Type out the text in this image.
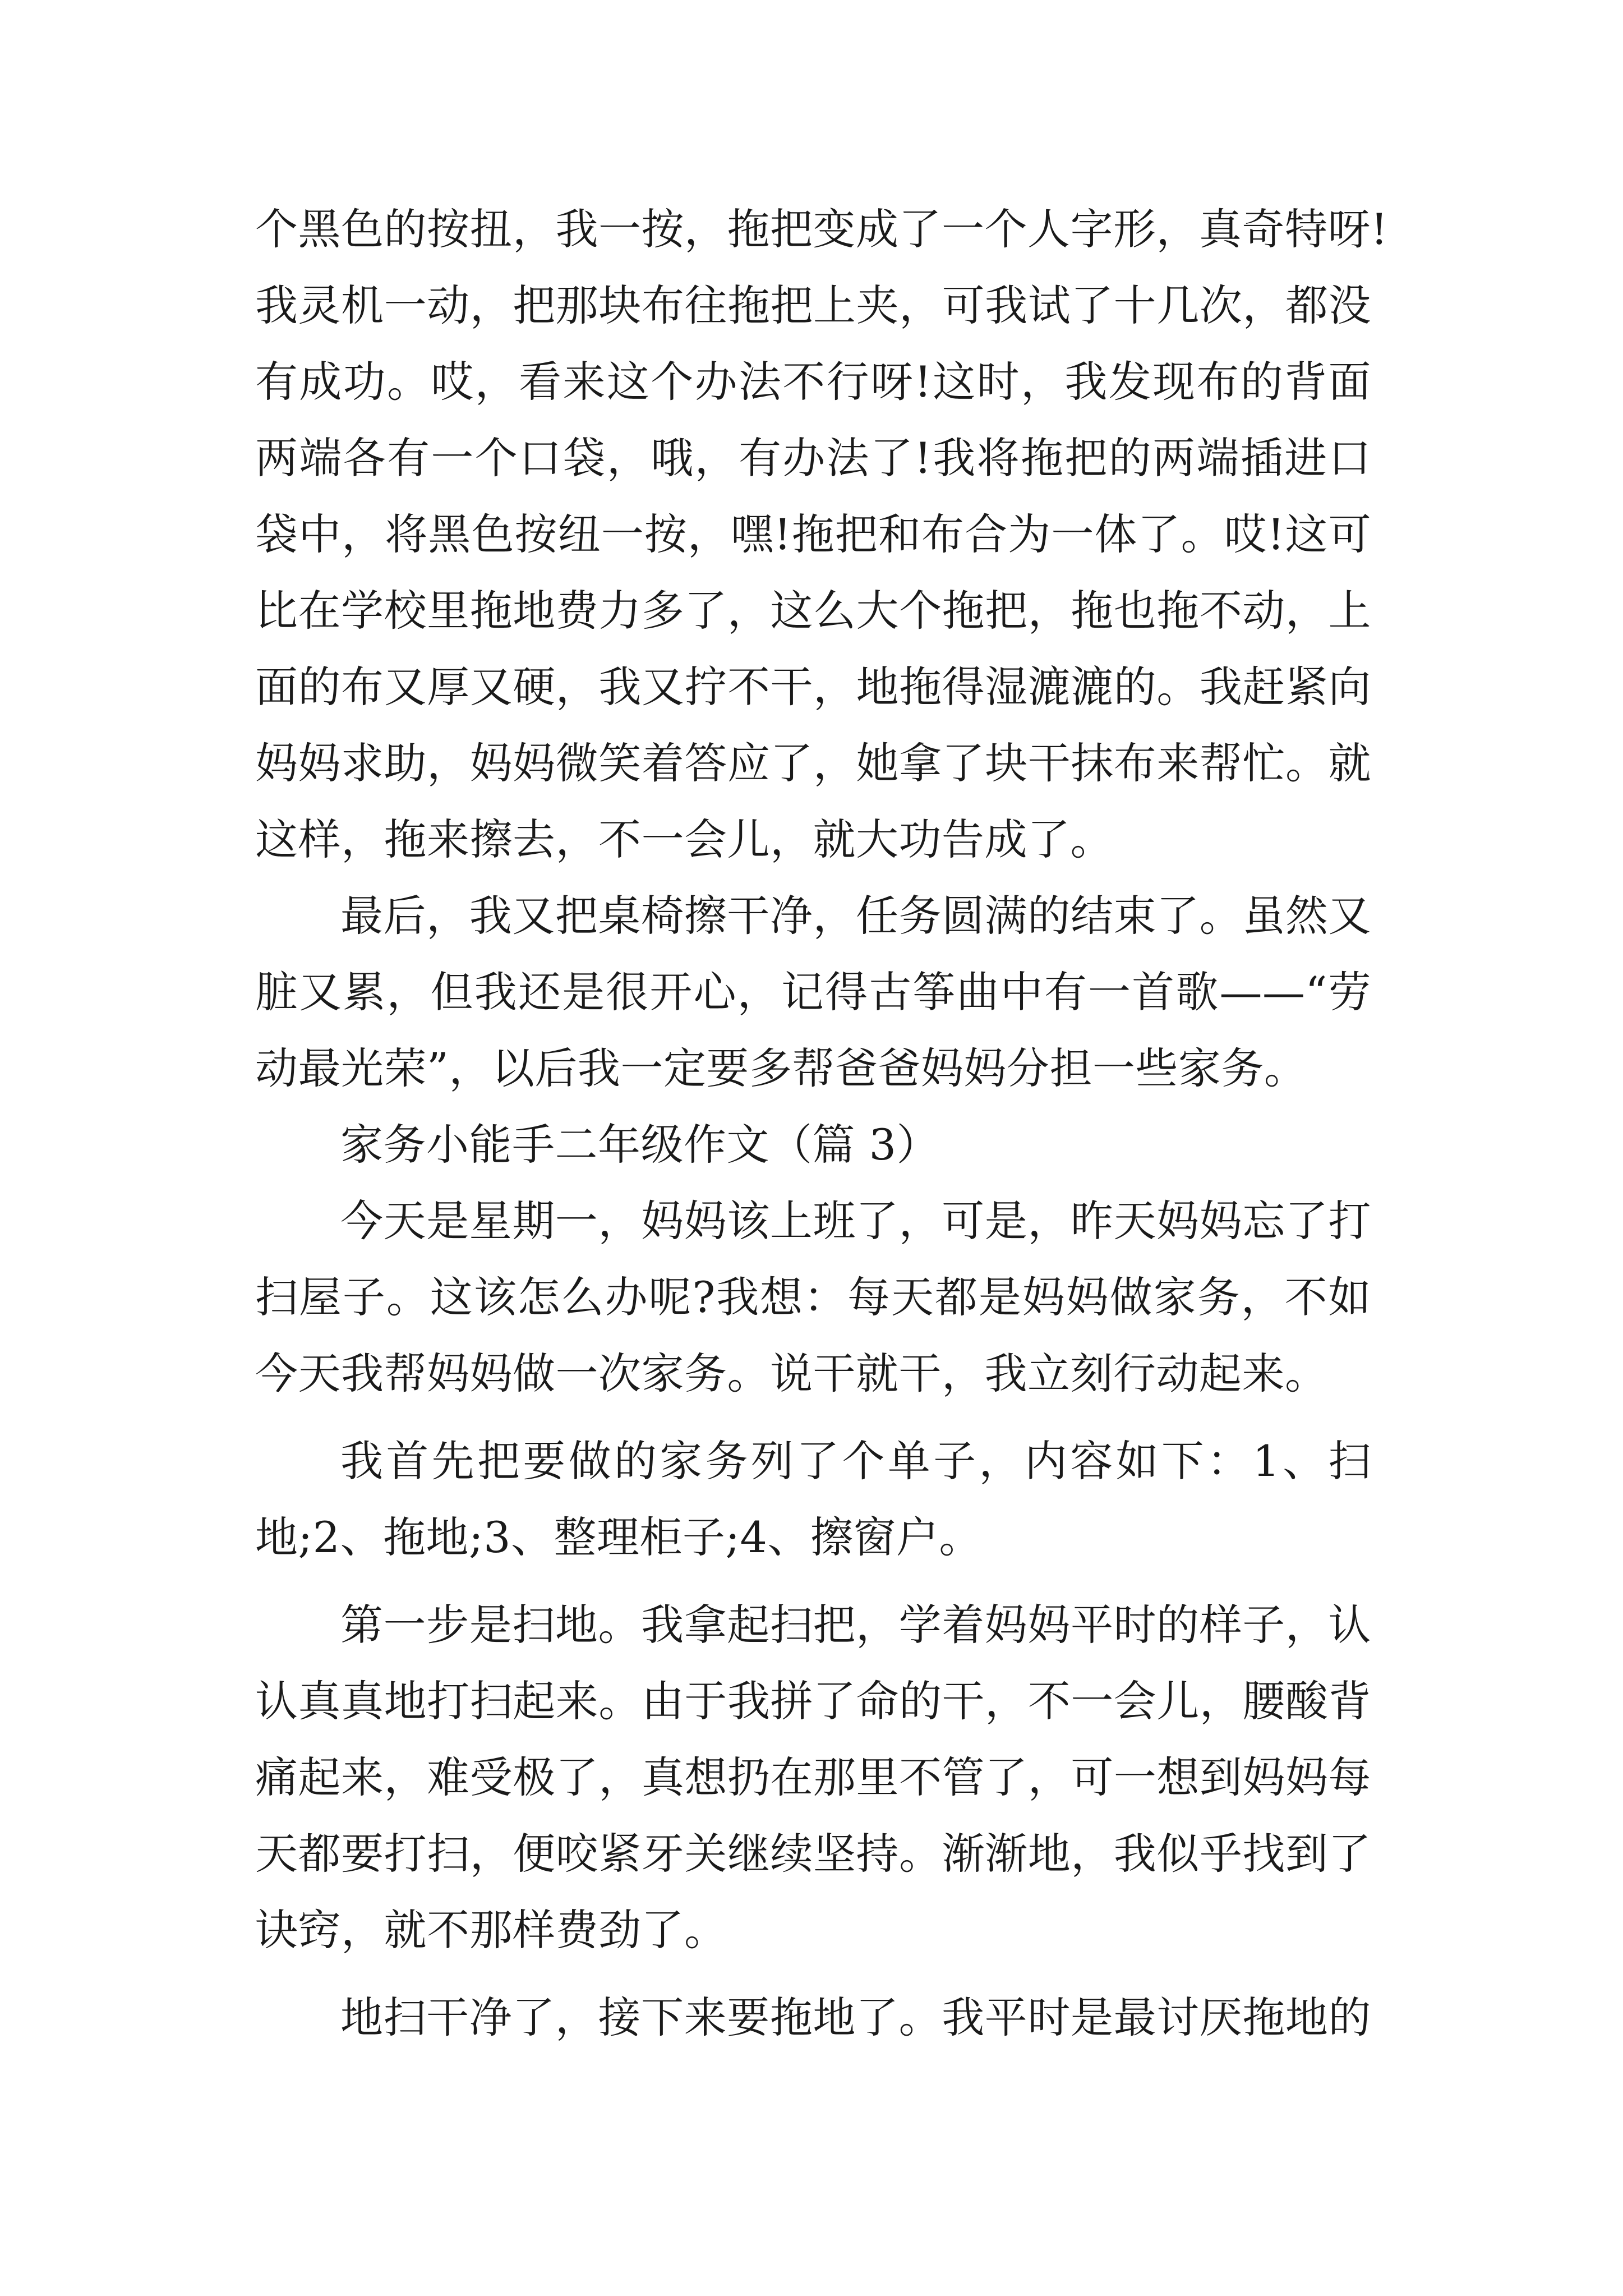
个黑色的按扭，我一按，拖把变成了一个人字形，真奇特呀!
我灵机一动，把那块布往拖把上夹，可我试了十几次，都没
有成功。哎，看来这个办法不行呀!这时，我发现布的背面
两端各有一个口袋，哦，有办法了!我将拖把的两端插进口
袋中，将黑色按纽一按，嘿!拖把和布合为一体了。哎!这可
比在学校里拖地费力多了，这么大个拖把，拖也拖不动，上
面的布又厚又硬，我又拧不干，地拖得湿漉漉的。我赶紧向
妈妈求助，妈妈微笑着答应了，她拿了块干抹布来帮忙。就
这样，拖来擦去，不一会儿，就大功告成了。
最后，我又把桌椅擦干净，任务圆满的结束了。虽然又
脏又累，但我还是很开心，记得古筝曲中有一首歌——“劳
动最光荣”，以后我一定要多帮爸爸妈妈分担一些家务。
家务小能手二年级作文（篇 3）
今天是星期一，妈妈该上班了，可是，昨天妈妈忘了打
扫屋子。这该怎么办呢?我想：每天都是妈妈做家务，不如
今天我帮妈妈做一次家务。说干就干，我立刻行动起来。
我首先把要做的家务列了个单子，内容如下：1、扫
地;2、拖地;3、整理柜子;4、擦窗户。
第一步是扫地。我拿起扫把，学着妈妈平时的样子，认
认真真地打扫起来。由于我拼了命的干，不一会儿，腰酸背
痛起来，难受极了，真想扔在那里不管了，可一想到妈妈每
天都要打扫，便咬紧牙关继续坚持。渐渐地，我似乎找到了
诀窍，就不那样费劲了。
地扫干净了，接下来要拖地了。我平时是最讨厌拖地的
